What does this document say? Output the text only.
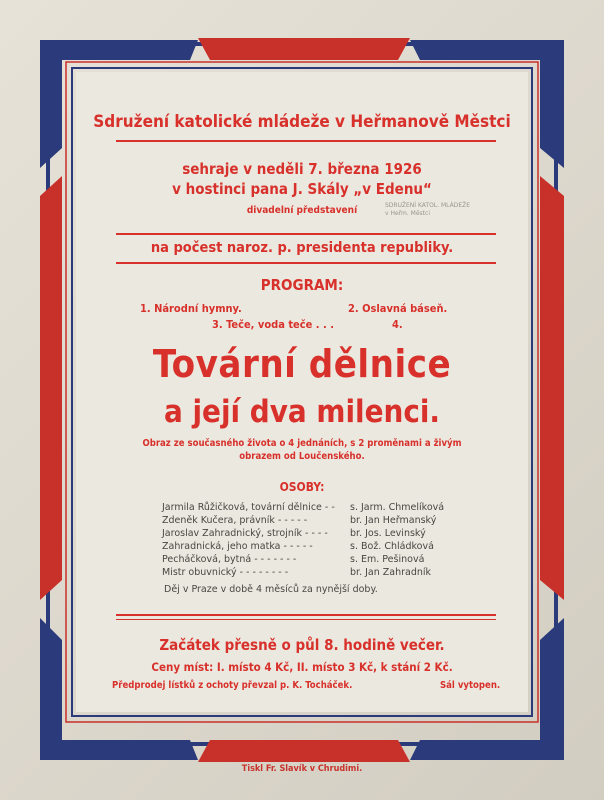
Sdružení katolické mládeže v Heřmanově Městci
sehraje v neděli 7. března 1926
v hostinci pana J. Skály „v Edenu“
divadelní představení	SDRUŽENÍ KATOL. MLÁDEŽE
v Heřm. Městci
na počest naroz. p. presidenta republiky.
PROGRAM:
1. Národní hymny.	2. Oslavná báseň.
3. Teče, voda teče . . .	4.
Tovární dělnice
a její dva milenci.
Obraz ze současného života o 4 jednáních, s 2 proměnami a živým
obrazem od Loučenského.
OSOBY:
Jarmila Růžičková, tovární dělnice - - s. Jarm. Chmelíková
Zdeněk Kučera, právník - - - - -	br. Jan Heřmanský
Jaroslav Zahradnický, strojník - - - - br. Jos. Levinský
Zahradnická, jeho matka - - - - -	s. Bož. Chládková
Pecháčková, bytná - - - - - - -	s. Em. Pešinová
Mistr obuvnický - - - - - - - -	br. Jan Zahradník
Děj v Praze v době 4 měsíců za nynější doby.
Začátek přesně o půl 8. hodině večer.
Ceny míst: I. místo 4 Kč, II. místo 3 Kč, k stání 2 Kč.
Předprodej lístků z ochoty převzal p. K. Tocháček.	Sál vytopen.
Tiskl Fr. Slavík v Chrudimi.
